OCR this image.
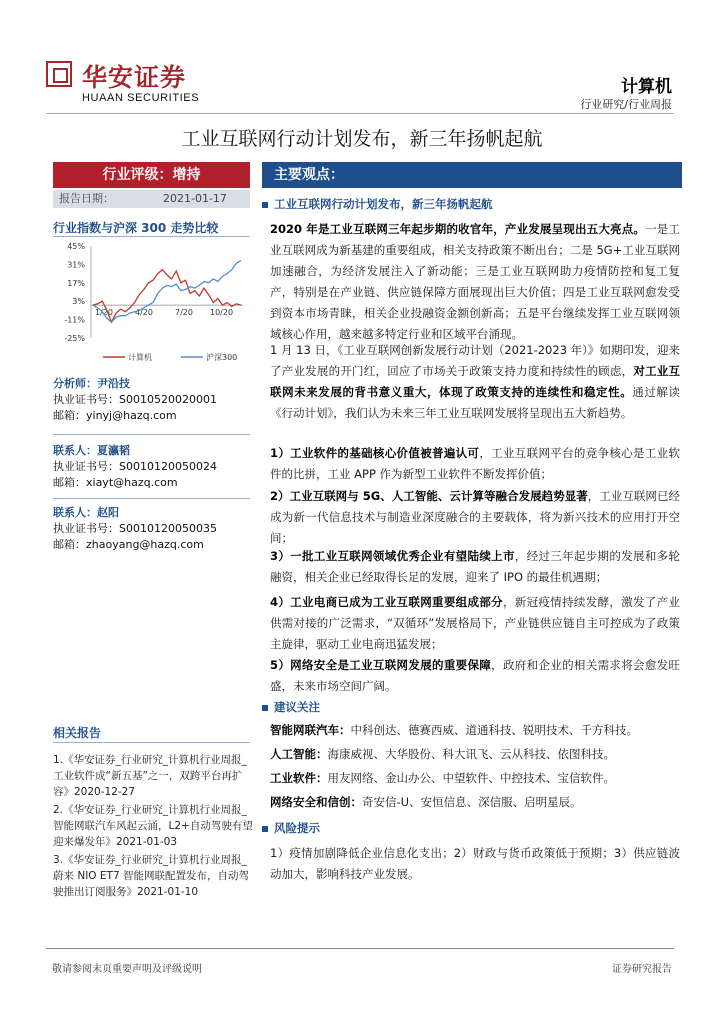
华安证券
HUAAN SECURITIES
计算机
行业研究/行业周报
工业互联网行动计划发布，新三年扬帆起航
行业评级：增持
报告日期：	2021-01-17
行业指数与沪深 300 走势比较
45%
31%
17%
3%
-11%
-25%
1/20	4/20	7/20 10/20
计算机	沪深300
分析师：尹沿技
执业证书号：S0010520020001
邮箱：yinyj@hazq.com
联系人：夏瀛韬
执业证书号：S0010120050024
邮箱：xiayt@hazq.com
联系人：赵阳
执业证书号：S0010120050035
邮箱：zhaoyang@hazq.com
相关报告
1.《华安证券_行业研究_计算机行业周报_工业软件成“新五基”之一，双跨平台再扩容》2020-12-27
2.《华安证券_行业研究_计算机行业周报_智能网联汽车风起云涌，L2+自动驾驶有望迎来爆发年》2021-01-03
3.《华安证券_行业研究_计算机行业周报_蔚来 NIO ET7 智能网联配置发布，自动驾驶推出订阅服务》2021-01-10
主要观点：
工业互联网行动计划发布，新三年扬帆起航
2020 年是工业互联网三年起步期的收官年，产业发展呈现出五大亮点。一是工业互联网成为新基建的重要组成，相关支持政策不断出台；二是 5G+工业互联网加速融合，为经济发展注入了新动能；三是工业互联网助力疫情防控和复工复产，特别是在产业链、供应链保障方面展现出巨大价值；四是工业互联网愈发受到资本市场青睐，相关企业投融资金额创新高；五是平台继续发挥工业互联网领域核心作用，越来越多特定行业和区域平台涌现。
1 月 13 日，《工业互联网创新发展行动计划（2021-2023 年）》如期印发，迎来了产业发展的开门红，回应了市场关于政策支持力度和持续性的顾虑，对工业互联网未来发展的背书意义重大，体现了政策支持的连续性和稳定性。通过解读《行动计划》，我们认为未来三年工业互联网发展将呈现出五大新趋势。
1）工业软件的基础核心价值被普遍认可，工业互联网平台的竞争核心是工业软件的比拼，工业 APP 作为新型工业软件不断发挥价值；
2）工业互联网与 5G、人工智能、云计算等融合发展趋势显著，工业互联网已经成为新一代信息技术与制造业深度融合的主要载体，将为新兴技术的应用打开空间；
3）一批工业互联网领域优秀企业有望陆续上市，经过三年起步期的发展和多轮融资，相关企业已经取得长足的发展，迎来了 IPO 的最佳机遇期；
4）工业电商已成为工业互联网重要组成部分，新冠疫情持续发酵，激发了产业供需对接的广泛需求，“双循环”发展格局下，产业链供应链自主可控成为了政策主旋律，驱动工业电商迅猛发展；
5）网络安全是工业互联网发展的重要保障，政府和企业的相关需求将会愈发旺盛，未来市场空间广阔。
建议关注
智能网联汽车：中科创达、德赛西威、道通科技、锐明技术、千方科技。
人工智能：海康威视、大华股份、科大讯飞、云从科技、依图科技。
工业软件：用友网络、金山办公、中望软件、中控技术、宝信软件。
网络安全和信创：奇安信-U、安恒信息、深信服、启明星辰。
风险提示
1）疫情加剧降低企业信息化支出；2）财政与货币政策低于预期；3）供应链波动加大，影响科技产业发展。
敬请参阅末页重要声明及评级说明	证券研究报告
